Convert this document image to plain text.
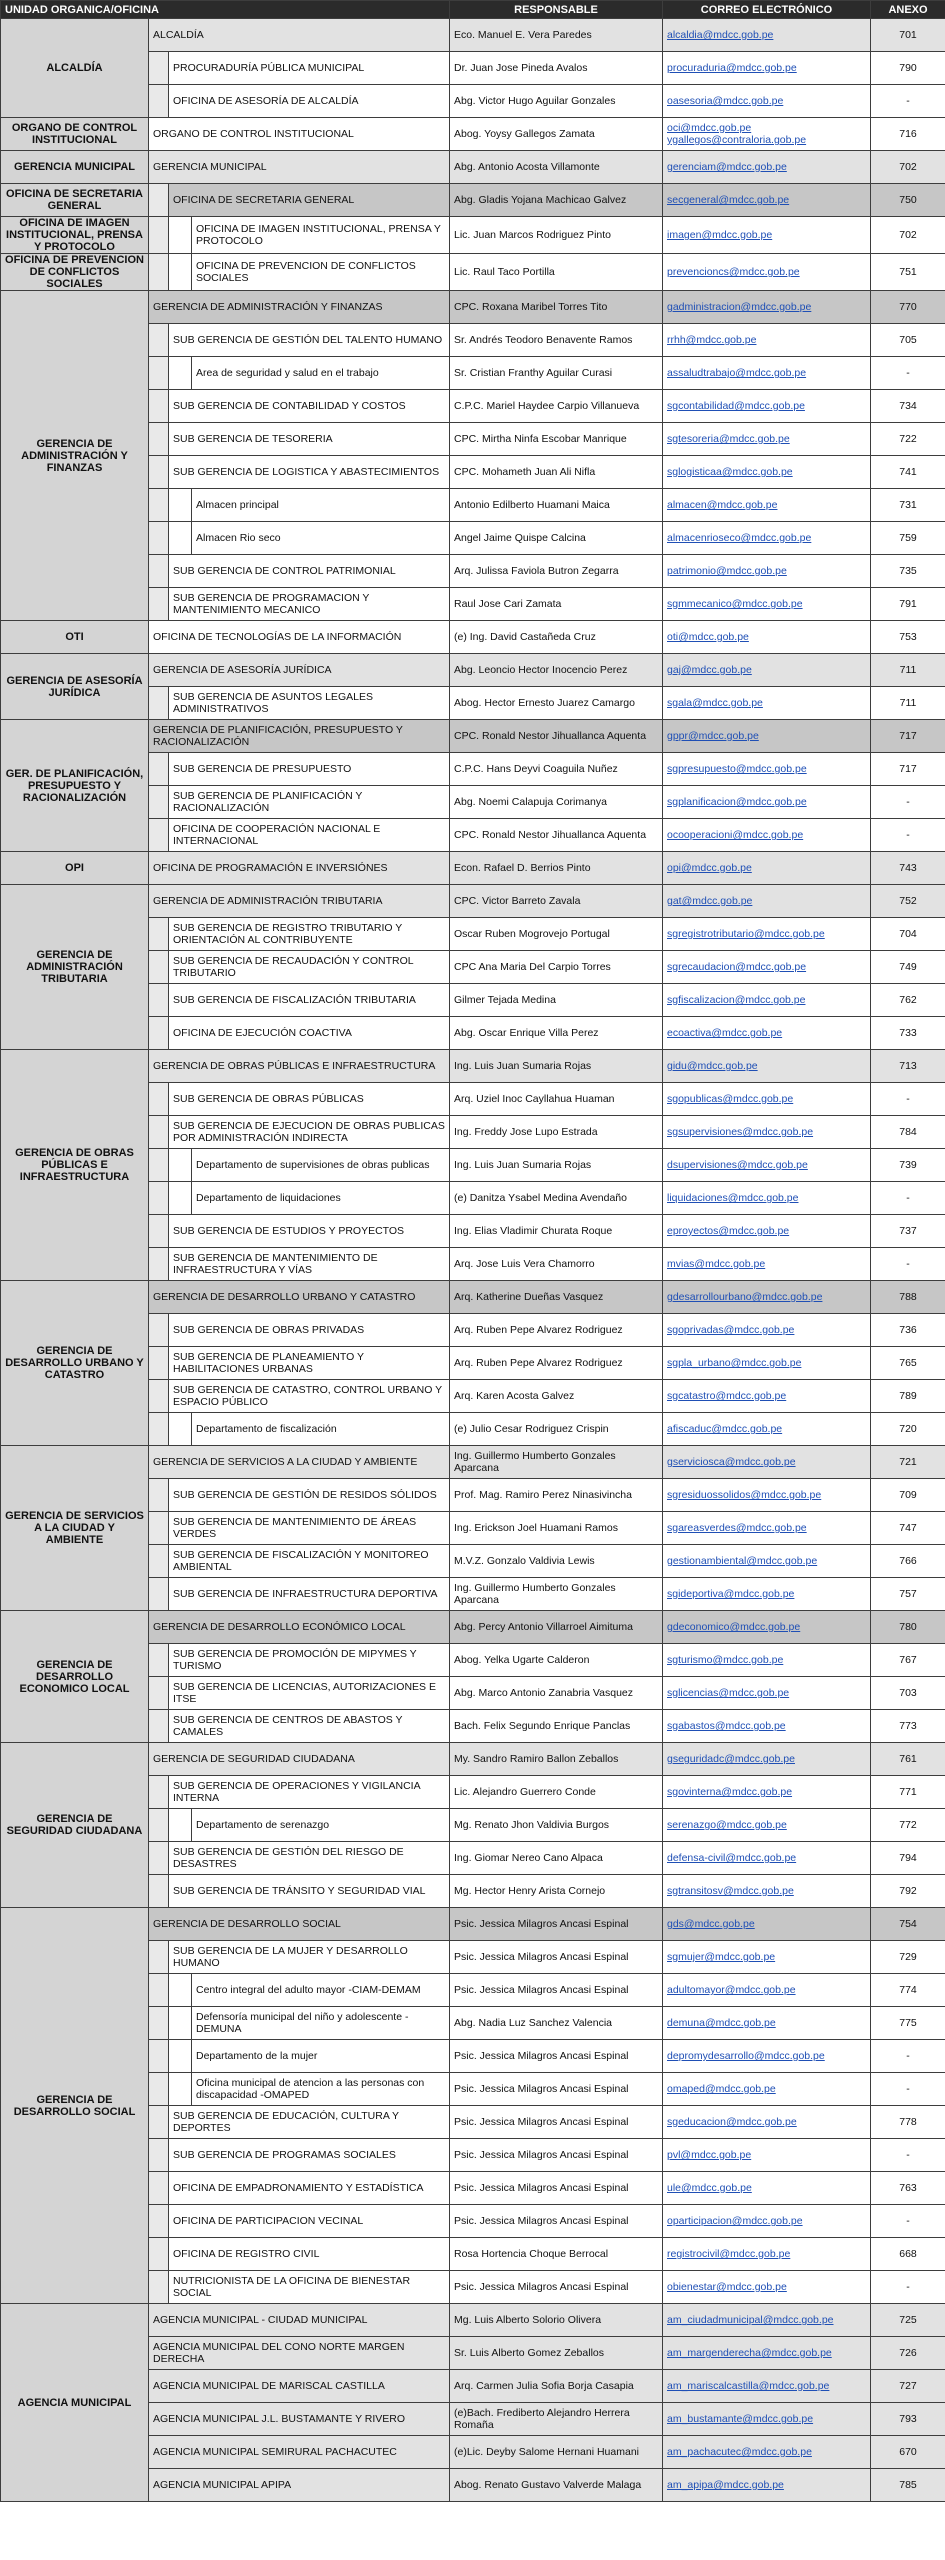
UNIDAD ORGANICA/OFICINA				RESPONSABLE	CORREO ELECTRÓNICO	ANEXO
ALCALDÍA	ALCALDÍA			Eco. Manuel E. Vera Paredes	alcaldia@mdcc.gob.pe	701
		PROCURADURÍA PÚBLICA MUNICIPAL		Dr. Juan Jose Pineda Avalos	procuraduria@mdcc.gob.pe	790
		OFICINA DE ASESORÍA DE ALCALDÍA		Abg. Victor Hugo Aguilar Gonzales	oasesoria@mdcc.gob.pe	-
ORGANO DE CONTROL INSTITUCIONAL	ORGANO DE CONTROL INSTITUCIONAL			Abog. Yoysy Gallegos Zamata	oci@mdcc.gob.pe ygallegos@contraloria.gob.pe	716
GERENCIA MUNICIPAL	GERENCIA MUNICIPAL			Abg. Antonio Acosta Villamonte	gerenciam@mdcc.gob.pe	702
OFICINA DE SECRETARIA GENERAL		OFICINA DE SECRETARIA GENERAL		Abg. Gladis Yojana Machicao Galvez	secgeneral@mdcc.gob.pe	750
OFICINA DE IMAGEN INSTITUCIONAL, PRENSA Y PROTOCOLO			OFICINA DE IMAGEN INSTITUCIONAL, PRENSA Y PROTOCOLO	Lic. Juan Marcos Rodriguez Pinto	imagen@mdcc.gob.pe	702
OFICINA DE PREVENCION DE CONFLICTOS SOCIALES			OFICINA DE PREVENCION DE CONFLICTOS SOCIALES	Lic. Raul Taco Portilla	prevencioncs@mdcc.gob.pe	751
GERENCIA DE ADMINISTRACIÓN Y FINANZAS	GERENCIA DE ADMINISTRACIÓN Y FINANZAS			CPC. Roxana Maribel Torres Tito	gadministracion@mdcc.gob.pe	770
		SUB GERENCIA DE GESTIÓN DEL TALENTO HUMANO		Sr. Andrés Teodoro Benavente Ramos	rrhh@mdcc.gob.pe	705
			Area de seguridad y salud en el trabajo	Sr. Cristian Franthy Aguilar Curasi	assaludtrabajo@mdcc.gob.pe	-
		SUB GERENCIA DE CONTABILIDAD Y COSTOS		C.P.C. Mariel Haydee Carpio Villanueva	sgcontabilidad@mdcc.gob.pe	734
		SUB GERENCIA DE TESORERIA		CPC. Mirtha Ninfa Escobar Manrique	sgtesoreria@mdcc.gob.pe	722
		SUB GERENCIA DE LOGISTICA Y ABASTECIMIENTOS		CPC. Mohameth Juan Ali Nifla	sglogisticaa@mdcc.gob.pe	741
			Almacen principal	Antonio Edilberto Huamani Maica	almacen@mdcc.gob.pe	731
			Almacen Rio seco	Angel Jaime Quispe Calcina	almacenrioseco@mdcc.gob.pe	759
		SUB GERENCIA DE CONTROL PATRIMONIAL		Arq. Julissa Faviola Butron Zegarra	patrimonio@mdcc.gob.pe	735
		SUB GERENCIA DE PROGRAMACION Y MANTENIMIENTO MECANICO		Raul Jose Cari Zamata	sgmmecanico@mdcc.gob.pe	791
OTI	OFICINA DE TECNOLOGÍAS DE LA INFORMACIÓN			(e) Ing. David Castañeda Cruz	oti@mdcc.gob.pe	753
GERENCIA DE ASESORÍA JURÍDICA	GERENCIA DE ASESORÍA JURÍDICA			Abg. Leoncio Hector Inocencio Perez	gaj@mdcc.gob.pe	711
		SUB GERENCIA DE ASUNTOS LEGALES ADMINISTRATIVOS		Abog. Hector Ernesto Juarez Camargo	sgala@mdcc.gob.pe	711
GER. DE PLANIFICACIÓN, PRESUPUESTO Y RACIONALIZACIÓN	GERENCIA DE PLANIFICACIÓN, PRESUPUESTO Y RACIONALIZACIÓN			CPC. Ronald Nestor Jihuallanca Aquenta	gppr@mdcc.gob.pe	717
		SUB GERENCIA DE PRESUPUESTO		C.P.C. Hans Deyvi Coaguila Nuñez	sgpresupuesto@mdcc.gob.pe	717
		SUB GERENCIA DE PLANIFICACIÓN Y RACIONALIZACIÓN		Abg. Noemi Calapuja Corimanya	sgplanificacion@mdcc.gob.pe	-
		OFICINA DE COOPERACIÓN NACIONAL E INTERNACIONAL		CPC. Ronald Nestor Jihuallanca Aquenta	ocooperacioni@mdcc.gob.pe	-
OPI	OFICINA DE PROGRAMACIÓN E INVERSIÓNES			Econ. Rafael D. Berrios Pinto	opi@mdcc.gob.pe	743
GERENCIA DE ADMINISTRACIÓN TRIBUTARIA	GERENCIA DE ADMINISTRACIÓN TRIBUTARIA			CPC. Victor Barreto Zavala	gat@mdcc.gob.pe	752
		SUB GERENCIA DE REGISTRO TRIBUTARIO Y ORIENTACIÓN AL CONTRIBUYENTE		Oscar Ruben Mogrovejo Portugal	sgregistrotributario@mdcc.gob.pe	704
		SUB GERENCIA DE RECAUDACIÓN Y CONTROL TRIBUTARIO		CPC Ana Maria Del Carpio Torres	sgrecaudacion@mdcc.gob.pe	749
		SUB GERENCIA DE FISCALIZACIÓN TRIBUTARIA		Gilmer Tejada Medina	sgfiscalizacion@mdcc.gob.pe	762
		OFICINA DE EJECUCIÓN COACTIVA		Abg. Oscar Enrique Villa Perez	ecoactiva@mdcc.gob.pe	733
GERENCIA DE OBRAS PÚBLICAS E INFRAESTRUCTURA	GERENCIA DE OBRAS PÚBLICAS E INFRAESTRUCTURA			Ing. Luis Juan Sumaria Rojas	gidu@mdcc.gob.pe	713
		SUB GERENCIA DE OBRAS PÚBLICAS		Arq. Uziel Inoc Cayllahua Huaman	sgopublicas@mdcc.gob.pe	-
		SUB GERENCIA DE EJECUCION DE OBRAS PUBLICAS POR ADMINISTRACIÓN INDIRECTA		Ing. Freddy Jose Lupo Estrada	sgsupervisiones@mdcc.gob.pe	784
			Departamento de supervisiones de obras publicas	Ing. Luis Juan Sumaria Rojas	dsupervisiones@mdcc.gob.pe	739
			Departamento de liquidaciones	(e) Danitza Ysabel Medina Avendaño	liquidaciones@mdcc.gob.pe	-
		SUB GERENCIA DE ESTUDIOS Y PROYECTOS		Ing. Elias Vladimir Churata Roque	eproyectos@mdcc.gob.pe	737
		SUB GERENCIA DE MANTENIMIENTO DE INFRAESTRUCTURA Y VÍAS		Arq. Jose Luis Vera Chamorro	mvias@mdcc.gob.pe	-
GERENCIA DE DESARROLLO URBANO Y CATASTRO	GERENCIA DE DESARROLLO URBANO Y CATASTRO			Arq. Katherine Dueñas Vasquez	gdesarrollourbano@mdcc.gob.pe	788
		SUB GERENCIA DE OBRAS PRIVADAS		Arq. Ruben Pepe Alvarez Rodriguez	sgoprivadas@mdcc.gob.pe	736
		SUB GERENCIA DE PLANEAMIENTO Y HABILITACIONES URBANAS		Arq. Ruben Pepe Alvarez Rodriguez	sgpla_urbano@mdcc.gob.pe	765
		SUB GERENCIA DE CATASTRO, CONTROL URBANO Y ESPACIO PÚBLICO		Arq. Karen Acosta Galvez	sgcatastro@mdcc.gob.pe	789
			Departamento de fiscalización	(e) Julio Cesar Rodriguez Crispin	afiscaduc@mdcc.gob.pe	720
GERENCIA DE SERVICIOS A LA CIUDAD Y AMBIENTE	GERENCIA DE SERVICIOS A LA CIUDAD Y AMBIENTE			Ing. Guillermo Humberto Gonzales Aparcana	gserviciosca@mdcc.gob.pe	721
		SUB GERENCIA DE GESTIÓN DE RESIDOS SÓLIDOS		Prof. Mag. Ramiro Perez Ninasivincha	sgresiduossolidos@mdcc.gob.pe	709
		SUB GERENCIA DE MANTENIMIENTO DE ÁREAS VERDES		Ing. Erickson Joel Huamani Ramos	sgareasverdes@mdcc.gob.pe	747
		SUB GERENCIA DE FISCALIZACIÓN Y MONITOREO AMBIENTAL		M.V.Z. Gonzalo Valdivia Lewis	gestionambiental@mdcc.gob.pe	766
		SUB GERENCIA DE INFRAESTRUCTURA DEPORTIVA		Ing. Guillermo Humberto Gonzales Aparcana	sgideportiva@mdcc.gob.pe	757
GERENCIA DE DESARROLLO ECONOMICO LOCAL	GERENCIA DE DESARROLLO ECONÓMICO LOCAL			Abg. Percy Antonio Villarroel Aimituma	gdeconomico@mdcc.gob.pe	780
		SUB GERENCIA DE PROMOCIÓN DE MIPYMES Y TURISMO		Abog. Yelka Ugarte Calderon	sgturismo@mdcc.gob.pe	767
		SUB GERENCIA DE LICENCIAS, AUTORIZACIONES E ITSE		Abg. Marco Antonio Zanabria Vasquez	sglicencias@mdcc.gob.pe	703
		SUB GERENCIA DE CENTROS DE ABASTOS Y CAMALES		Bach. Felix Segundo Enrique Panclas	sgabastos@mdcc.gob.pe	773
GERENCIA DE SEGURIDAD CIUDADANA	GERENCIA DE SEGURIDAD CIUDADANA			My. Sandro Ramiro Ballon Zeballos	gseguridadc@mdcc.gob.pe	761
		SUB GERENCIA DE OPERACIONES Y VIGILANCIA INTERNA		Lic. Alejandro Guerrero Conde	sgovinterna@mdcc.gob.pe	771
			Departamento de serenazgo	Mg. Renato Jhon Valdivia Burgos	serenazgo@mdcc.gob.pe	772
		SUB GERENCIA DE GESTIÓN DEL RIESGO DE DESASTRES		Ing. Giomar Nereo Cano Alpaca	defensa-civil@mdcc.gob.pe	794
		SUB GERENCIA DE TRÁNSITO Y SEGURIDAD VIAL		Mg. Hector Henry Arista Cornejo	sgtransitosv@mdcc.gob.pe	792
GERENCIA DE DESARROLLO SOCIAL	GERENCIA DE DESARROLLO SOCIAL			Psic. Jessica Milagros Ancasi Espinal	gds@mdcc.gob.pe	754
		SUB GERENCIA DE LA MUJER Y DESARROLLO HUMANO		Psic. Jessica Milagros Ancasi Espinal	sgmujer@mdcc.gob.pe	729
			Centro integral del adulto mayor -CIAM-DEMAM	Psic. Jessica Milagros Ancasi Espinal	adultomayor@mdcc.gob.pe	774
			Defensoría municipal del niño y adolescente -DEMUNA	Abg. Nadia Luz Sanchez Valencia	demuna@mdcc.gob.pe	775
			Departamento de la mujer	Psic. Jessica Milagros Ancasi Espinal	depromydesarrollo@mdcc.gob.pe	-
			Oficina municipal de atencion a las personas con discapacidad -OMAPED	Psic. Jessica Milagros Ancasi Espinal	omaped@mdcc.gob.pe	-
		SUB GERENCIA DE EDUCACIÓN, CULTURA Y DEPORTES		Psic. Jessica Milagros Ancasi Espinal	sgeducacion@mdcc.gob.pe	778
		SUB GERENCIA DE PROGRAMAS SOCIALES		Psic. Jessica Milagros Ancasi Espinal	pvl@mdcc.gob.pe	-
		OFICINA DE EMPADRONAMIENTO Y ESTADÍSTICA		Psic. Jessica Milagros Ancasi Espinal	ule@mdcc.gob.pe	763
		OFICINA DE PARTICIPACION VECINAL		Psic. Jessica Milagros Ancasi Espinal	oparticipacion@mdcc.gob.pe	-
		OFICINA DE REGISTRO CIVIL		Rosa Hortencia Choque Berrocal	registrocivil@mdcc.gob.pe	668
		NUTRICIONISTA DE LA OFICINA DE BIENESTAR SOCIAL		Psic. Jessica Milagros Ancasi Espinal	obienestar@mdcc.gob.pe	-
AGENCIA MUNICIPAL	AGENCIA MUNICIPAL - CIUDAD MUNICIPAL			Mg. Luis Alberto Solorio Olivera	am_ciudadmunicipal@mdcc.gob.pe	725
	AGENCIA MUNICIPAL DEL CONO NORTE MARGEN DERECHA			Sr. Luis Alberto Gomez Zeballos	am_margenderecha@mdcc.gob.pe	726
	AGENCIA MUNICIPAL DE MARISCAL CASTILLA			Arq. Carmen Julia Sofia Borja Casapia	am_mariscalcastilla@mdcc.gob.pe	727
	AGENCIA MUNICIPAL J.L. BUSTAMANTE Y RIVERO			(e)Bach. Frediberto Alejandro Herrera Romaña	am_bustamante@mdcc.gob.pe	793
	AGENCIA MUNICIPAL SEMIRURAL PACHACUTEC			(e)Lic. Deyby Salome Hernani Huamani	am_pachacutec@mdcc.gob.pe	670
	AGENCIA MUNICIPAL APIPA			Abog. Renato Gustavo Valverde Malaga	am_apipa@mdcc.gob.pe	785
